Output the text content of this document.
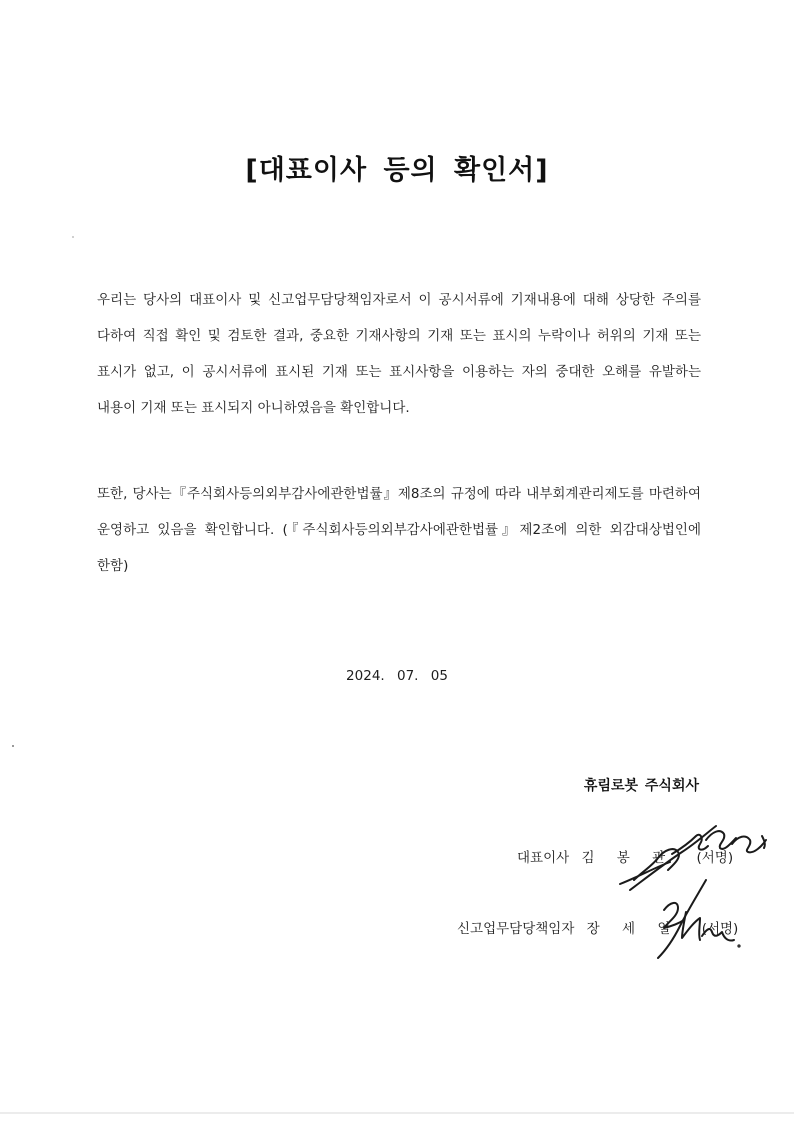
[대표이사 등의 확인서]
우리는 당사의 대표이사 및 신고업무담당책임자로서 이 공시서류에 기재내용에 대해 상당한 주의를 다하여 직접 확인 및 검토한 결과, 중요한 기재사항의 기재 또는 표시의 누락이나 허위의 기재 또는 표시가 없고, 이 공시서류에 표시된 기재 또는 표시사항을 이용하는 자의 중대한 오해를 유발하는 내용이 기재 또는 표시되지 아니하였음을 확인합니다.
또한, 당사는『주식회사등의외부감사에관한법률』제8조의 규정에 따라 내부회계관리제도를 마련하여 운영하고 있음을 확인합니다. (『주식회사등의외부감사에관한법률』제2조에 의한 외감대상법인에 한함)
2024. 07. 05
휴림로봇 주식회사
대표이사 김 봉 관 (서명)
신고업무담당책임자 장 세 일 (서명)
